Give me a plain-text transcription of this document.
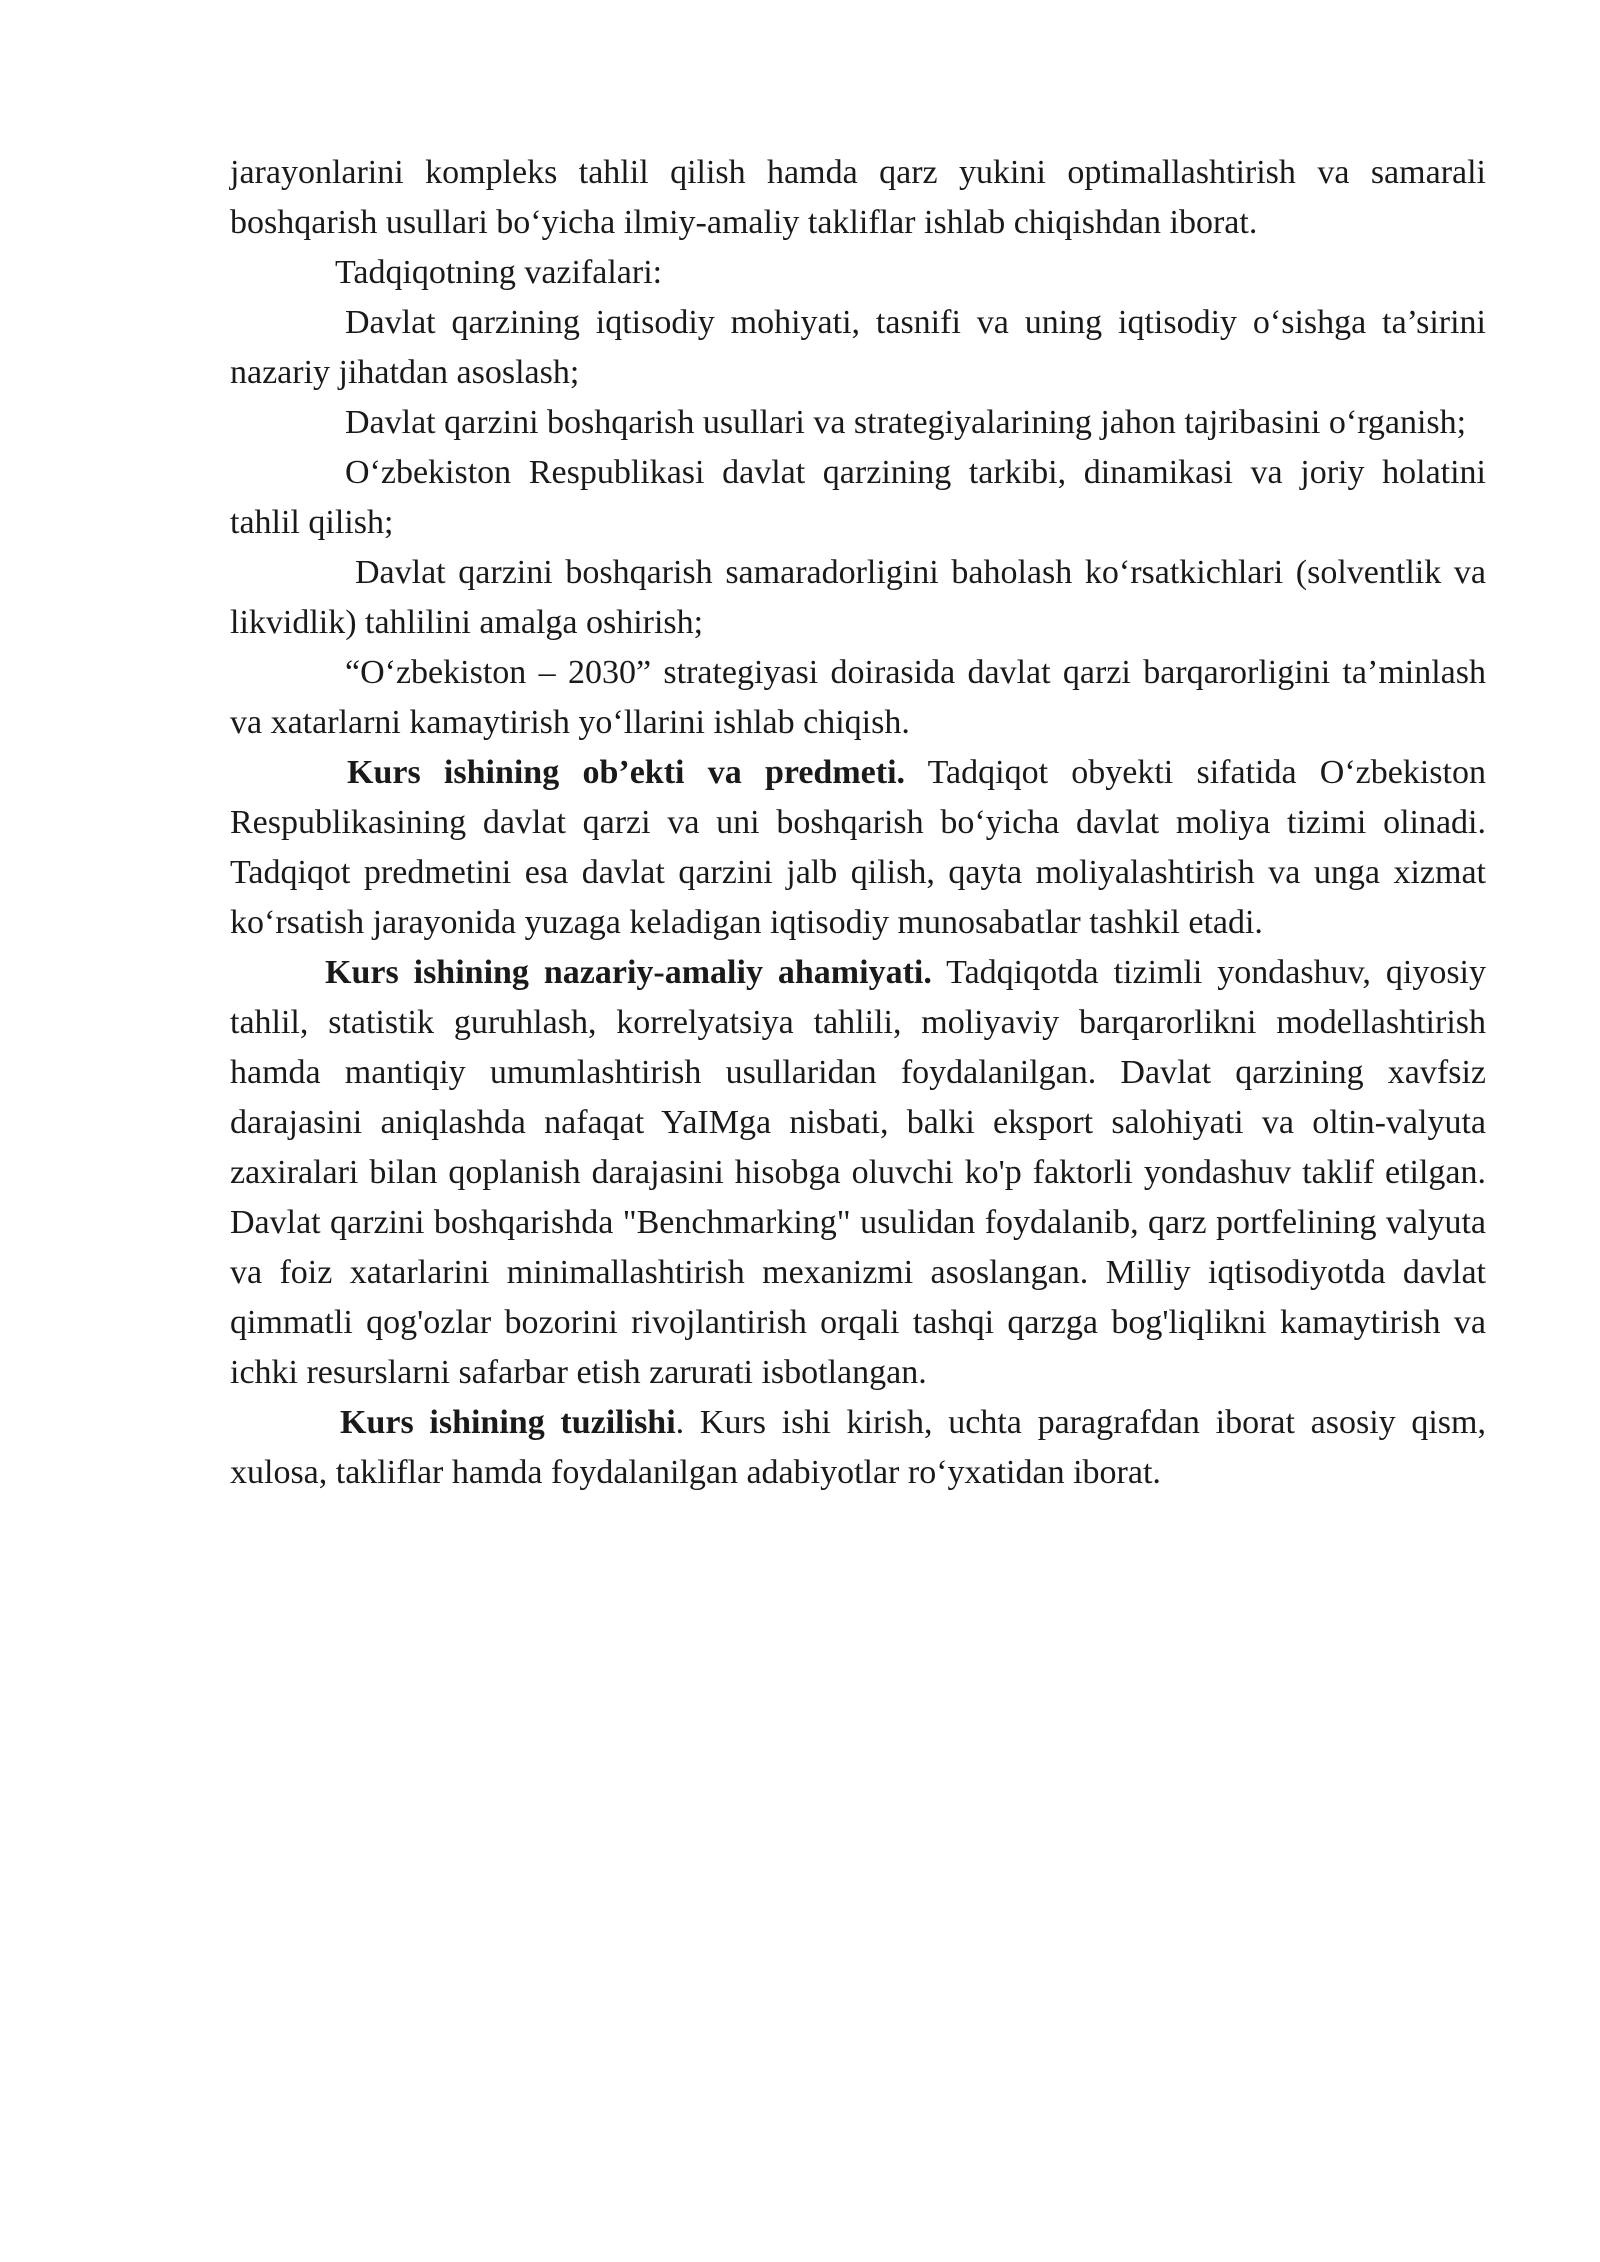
jarayonlarini kompleks tahlil qilish hamda qarz yukini optimallashtirish va samarali boshqarish usullari bo‘yicha ilmiy-amaliy takliflar ishlab chiqishdan iborat.

Tadqiqotning vazifalari:

Davlat qarzining iqtisodiy mohiyati, tasnifi va uning iqtisodiy o‘sishga ta’sirini nazariy jihatdan asoslash;

Davlat qarzini boshqarish usullari va strategiyalarining jahon tajribasini o‘rganish;

O‘zbekiston Respublikasi davlat qarzining tarkibi, dinamikasi va joriy holatini tahlil qilish;

Davlat qarzini boshqarish samaradorligini baholash ko‘rsatkichlari (solventlik va likvidlik) tahlilini amalga oshirish;

“O‘zbekiston – 2030” strategiyasi doirasida davlat qarzi barqarorligini ta’minlash va xatarlarni kamaytirish yo‘llarini ishlab chiqish.

Kurs ishining ob’ekti va predmeti. Tadqiqot obyekti sifatida O‘zbekiston Respublikasining davlat qarzi va uni boshqarish bo‘yicha davlat moliya tizimi olinadi. Tadqiqot predmetini esa davlat qarzini jalb qilish, qayta moliyalashtirish va unga xizmat ko‘rsatish jarayonida yuzaga keladigan iqtisodiy munosabatlar tashkil etadi.

Kurs ishining nazariy-amaliy ahamiyati. Tadqiqotda tizimli yondashuv, qiyosiy tahlil, statistik guruhlash, korrelyatsiya tahlili, moliyaviy barqarorlikni modellashtirish hamda mantiqiy umumlashtirish usullaridan foydalanilgan. Davlat qarzining xavfsiz darajasini aniqlashda nafaqat YaIMga nisbati, balki eksport salohiyati va oltin-valyuta zaxiralari bilan qoplanish darajasini hisobga oluvchi ko'p faktorli yondashuv taklif etilgan. Davlat qarzini boshqarishda "Benchmarking" usulidan foydalanib, qarz portfelining valyuta va foiz xatarlarini minimallashtirish mexanizmi asoslangan. Milliy iqtisodiyotda davlat qimmatli qog'ozlar bozorini rivojlantirish orqali tashqi qarzga bog'liqlikni kamaytirish va ichki resurslarni safarbar etish zarurati isbotlangan.

Kurs ishining tuzilishi. Kurs ishi kirish, uchta paragrafdan iborat asosiy qism, xulosa, takliflar hamda foydalanilgan adabiyotlar ro‘yxatidan iborat.
